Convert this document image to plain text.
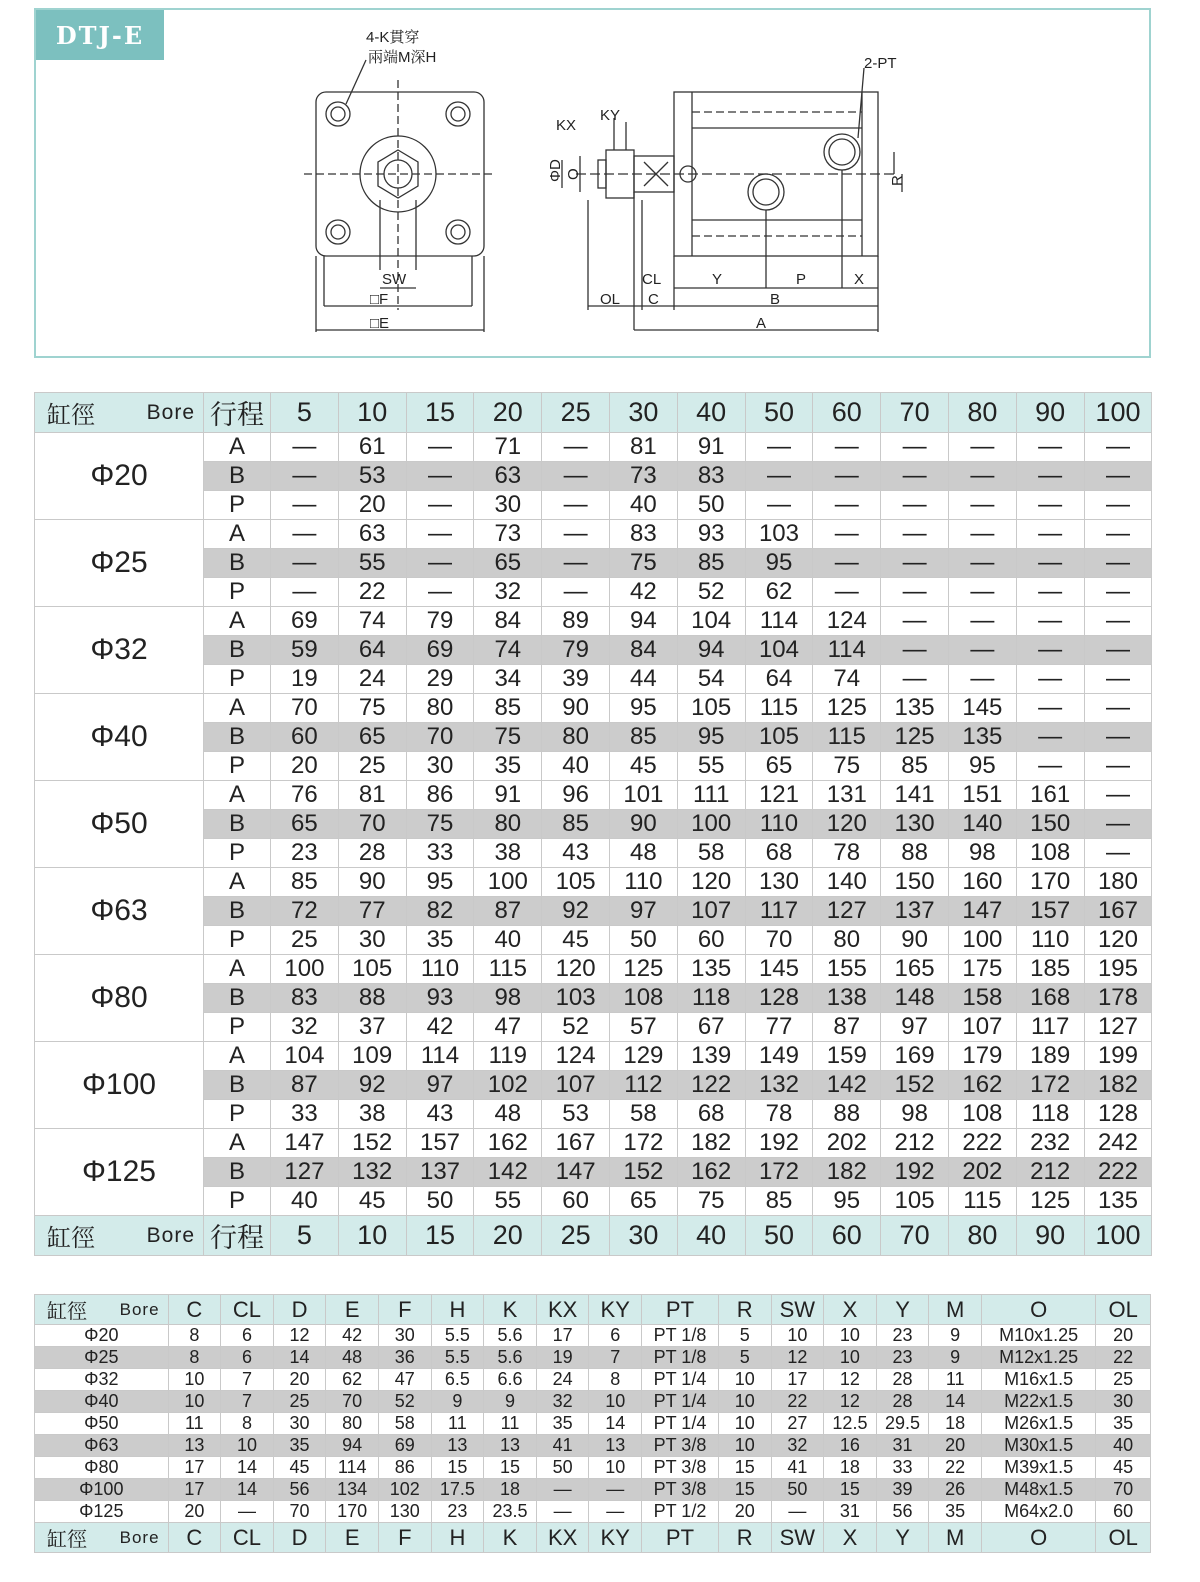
DTJ-E	4-K貫穿
兩端M深H
SW
□F
□E
2-PT
KX
KY
ΦD O
R
OL
CL
C
Y	P	X
B
A
缸徑 Bore	行程	5	10	15	20	25	30	40	50	60	70	80	90	100
Φ20	A	—	61	—	71	—	81	91	—	—	—	—	—	—
	B	—	53	—	63	—	73	83	—	—	—	—	—	—
	P	—	20	—	30	—	40	50	—	—	—	—	—	—
Φ25	A	—	63	—	73	—	83	93	103	—	—	—	—	—
	B	—	55	—	65	—	75	85	95	—	—	—	—	—
	P	—	22	—	32	—	42	52	62	—	—	—	—	—
Φ32	A	69	74	79	84	89	94	104	114	124	—	—	—	—
	B	59	64	69	74	79	84	94	104	114	—	—	—	—
	P	19	24	29	34	39	44	54	64	74	—	—	—	—
Φ40	A	70	75	80	85	90	95	105	115	125	135	145	—	—
	B	60	65	70	75	80	85	95	105	115	125	135	—	—
	P	20	25	30	35	40	45	55	65	75	85	95	—	—
Φ50	A	76	81	86	91	96	101	111	121	131	141	151	161	—
	B	65	70	75	80	85	90	100	110	120	130	140	150	—
	P	23	28	33	38	43	48	58	68	78	88	98	108	—
Φ63	A	85	90	95	100	105	110	120	130	140	150	160	170	180
	B	72	77	82	87	92	97	107	117	127	137	147	157	167
	P	25	30	35	40	45	50	60	70	80	90	100	110	120
Φ80	A	100	105	110	115	120	125	135	145	155	165	175	185	195
	B	83	88	93	98	103	108	118	128	138	148	158	168	178
	P	32	37	42	47	52	57	67	77	87	97	107	117	127
Φ100	A	104	109	114	119	124	129	139	149	159	169	179	189	199
	B	87	92	97	102	107	112	122	132	142	152	162	172	182
	P	33	38	43	48	53	58	68	78	88	98	108	118	128
Φ125	A	147	152	157	162	167	172	182	192	202	212	222	232	242
	B	127	132	137	142	147	152	162	172	182	192	202	212	222
	P	40	45	50	55	60	65	75	85	95	105	115	125	135

缸徑 Bore	行程	5	10	15	20	25	30	40	50	60	70	80	90	100
缸徑 Bore	C	CL	D	E	F	H	K	KX	KY	PT	R	SW	X	Y	M	O	OL
Φ20	8	6	12	42	30	5.5	5.6	17	6	PT 1/8	5	10	10	23	9	M10x1.25	20
Φ25	8	6	14	48	36	5.5	5.6	19	7	PT 1/8	5	12	10	23	9	M12x1.25	22
Φ32	10	7	20	62	47	6.5	6.6	24	8	PT 1/4	10	17	12	28	11	M16x1.5	25
Φ40	10	7	25	70	52	9	9	32	10	PT 1/4	10	22	12	28	14	M22x1.5	30
Φ50	11	8	30	80	58	11	11	35	14	PT 1/4	10	27	12.5	29.5	18	M26x1.5	35
Φ63	13	10	35	94	69	13	13	41	13	PT 3/8	10	32	16	31	20	M30x1.5	40
Φ80	17	14	45	114	86	15	15	50	10	PT 3/8	15	41	18	33	22	M39x1.5	45
Φ100	17	14	56	134	102	17.5	18	—	—	PT 3/8	15	50	15	39	26	M48x1.5	70
Φ125	20	—	70	170	130	23	23.5	—	—	PT 1/2	20	—	31	56	35	M64x2.0	60

缸徑 Bore	C	CL	D	E	F	H	K	KX	KY	PT	R	SW	X	Y	M	O	OL
